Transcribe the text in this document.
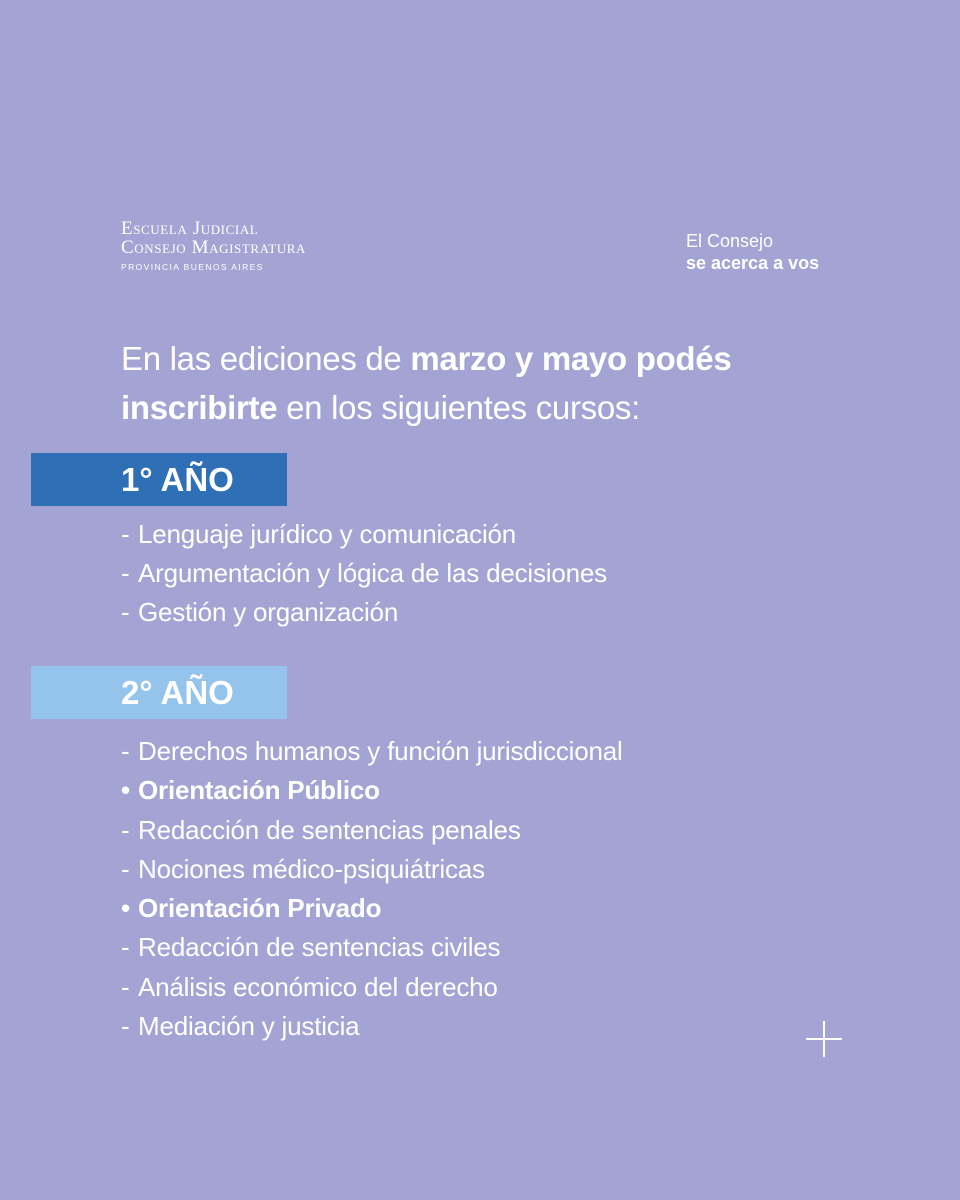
Escuela Judicial
Consejo Magistratura
PROVINCIA BUENOS AIRES
El Consejo
se acerca a vos
En las ediciones de marzo y mayo podés
inscribirte en los siguientes cursos:
1° AÑO
- Lenguaje jurídico y comunicación
- Argumentación y lógica de las decisiones
- Gestión y organización
2° AÑO
- Derechos humanos y función jurisdiccional
• Orientación Público
- Redacción de sentencias penales
- Nociones médico-psiquiátricas
• Orientación Privado
- Redacción de sentencias civiles
- Análisis económico del derecho
- Mediación y justicia
